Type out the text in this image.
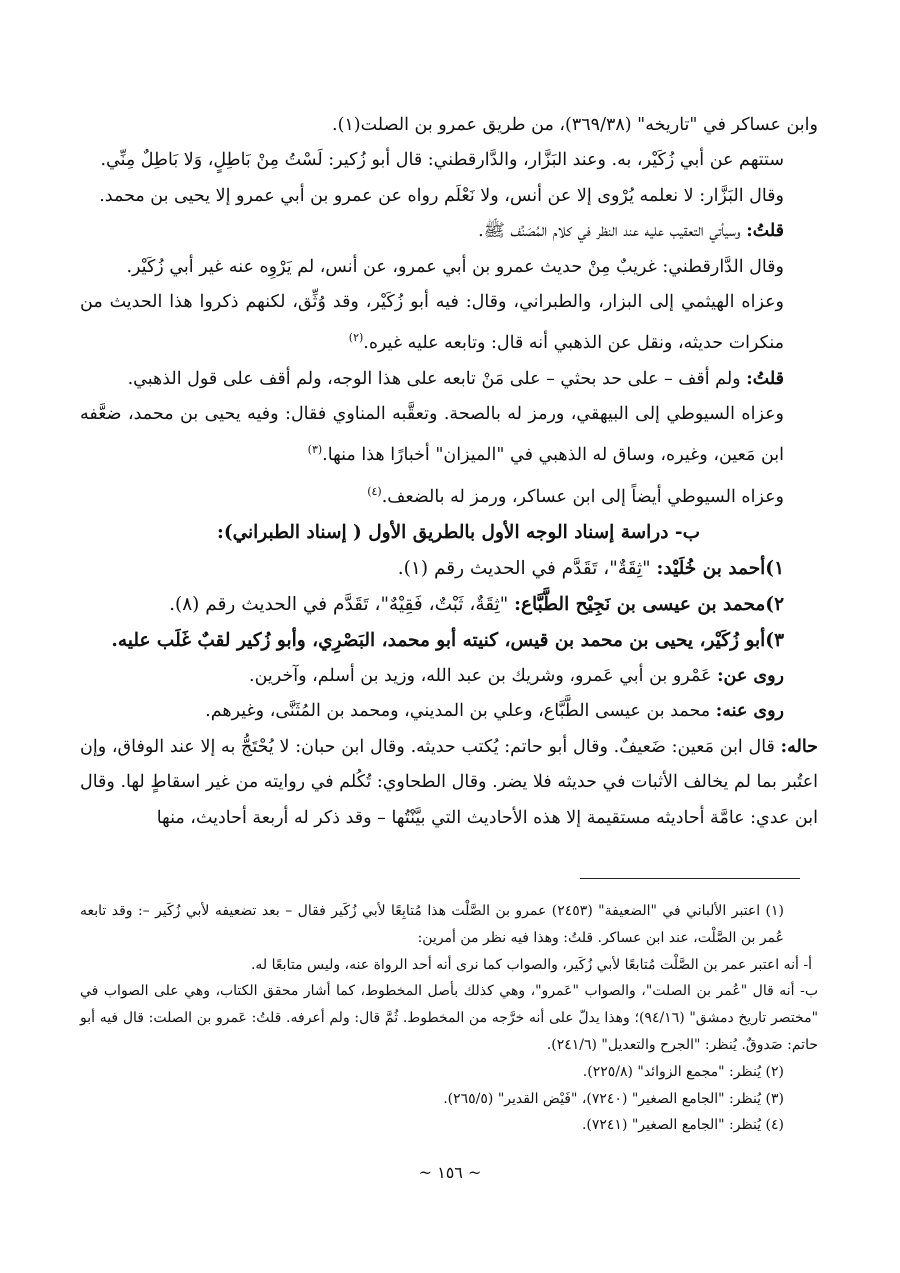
وابن عساكر في "تاريخه" (٣٦٩/٣٨)، من طريق عمرو بن الصلت(١).

ستتهم عن أبي زُكَيْر، به. وعند البَزَّار، والدَّارقطني: قال أبو زُكير: لَسْتُ مِنْ بَاطِلٍ، وَلا بَاطِلٌ مِنِّي.

وقال البَزَّار: لا نعلمه يُرْوى إلا عن أنس، ولا نَعْلَم رواه عن عمرو بن أبي عمرو إلا يحيى بن محمد.

قلتُ: وسيأتي التعقيب عليه عند النظر في كلام المُصَنِّف ﷺ.

وقال الدَّارقطني: غريبٌ مِنْ حديث عمرو بن أبي عمرو، عن أنس، لم يَرْوِه عنه غير أبي زُكَيْر.

وعزاه الهيثمي إلى البزار، والطبراني، وقال: فيه أبو زُكَيْر، وقد وُثِّق، لكنهم ذكروا هذا الحديث من منكرات حديثه، ونقل عن الذهبي أنه قال: وتابعه عليه غيره.$^{(٢)}$

قلتُ: ولم أقف – على حد بحثي – على مَنْ تابعه على هذا الوجه، ولم أقف على قول الذهبي.

وعزاه السيوطي إلى البيهقي، ورمز له بالصحة. وتعقَّبه المناوي فقال: وفيه يحيى بن محمد، ضعَّفه ابن مَعين، وغيره، وساق له الذهبي في "الميزان" أخبارًا هذا منها.$^{(٣)}$

وعزاه السيوطي أيضاً إلى ابن عساكر، ورمز له بالضعف.$^{(٤)}$

ب- دراسة إسناد الوجه الأول بالطريق الأول ( إسناد الطبراني):

١)أحمد بن خُلَيْد: "ثِقَةٌ"، تَقَدَّم في الحديث رقم (١).

٢)محمد بن عيسى بن نَجِيْح الطَّبَّاع: "ثِقَةٌ، ثَبْتٌ، فَقِيْهٌ"، تَقَدَّم في الحديث رقم (٨).

٣)أبو زُكَيْر، يحيى بن محمد بن قيس، كنيته أبو محمد، البَصْرِي، وأبو زُكير لقبٌ غَلَب عليه.

روى عن: عَمْرو بن أبي عَمرو، وشريك بن عبد الله، وزيد بن أسلم، وآخرين.

روى عنه: محمد بن عيسى الطَّبَّاع، وعلي بن المديني، ومحمد بن المُثَنَّى، وغيرهم.

حاله: قال ابن مَعين: ضَعيفٌ. وقال أبو حاتم: يُكتب حديثه. وقال ابن حبان: لا يُحْتَجُّ به إلا عند الوفاق، وإن اعتُبر بما لم يخالف الأثبات في حديثه فلا يضر. وقال الطحاوي: تُكُلم في روايته من غير اسقاطٍ لها. وقال ابن عدي: عامَّة أحاديثه مستقيمة إلا هذه الأحاديث التي بيَّنْتُها – وقد ذكر له أربعة أحاديث، منها

(١) اعتبر الألباني في "الضعيفة" (٢٤٥٣) عمرو بن الصَّلْت هذا مُتابِعًا لأبي زُكَير فقال – بعد تضعيفه لأبي زُكَير –: وقد تابعه عُمر بن الصَّلْت، عند ابن عساكر. قلتُ: وهذا فيه نظر من أمرين:

أ- أنه اعتبر عمر بن الصَّلْت مُتابعًا لأبي زُكَير، والصواب كما نرى أنه أحد الرواة عنه، وليس متابعًا له.

ب- أنه قال "عُمر بن الصلت"، والصواب "عَمرو"، وهي كذلك بأصل المخطوط، كما أشار محقق الكتاب، وهي على الصواب في "مختصر تاريخ دمشق" (٩٤/١٦)؛ وهذا يدلّ على أنه خرَّجه من المخطوط. ثُمَّ قال: ولم أعرفه. قلتُ: عَمرو بن الصلت: قال فيه أبو حاتم: صَدوقٌ. يُنظر: "الجرح والتعديل" (٢٤١/٦).

(٢) يُنظر: "مجمع الزوائد" (٢٢٥/٨).

(٣) يُنظر: "الجامع الصغير" (٧٢٤٠)، "فَيْض القدير" (٢٦٥/٥).

(٤) يُنظر: "الجامع الصغير" (٧٢٤١).

~ ١٥٦ ~
